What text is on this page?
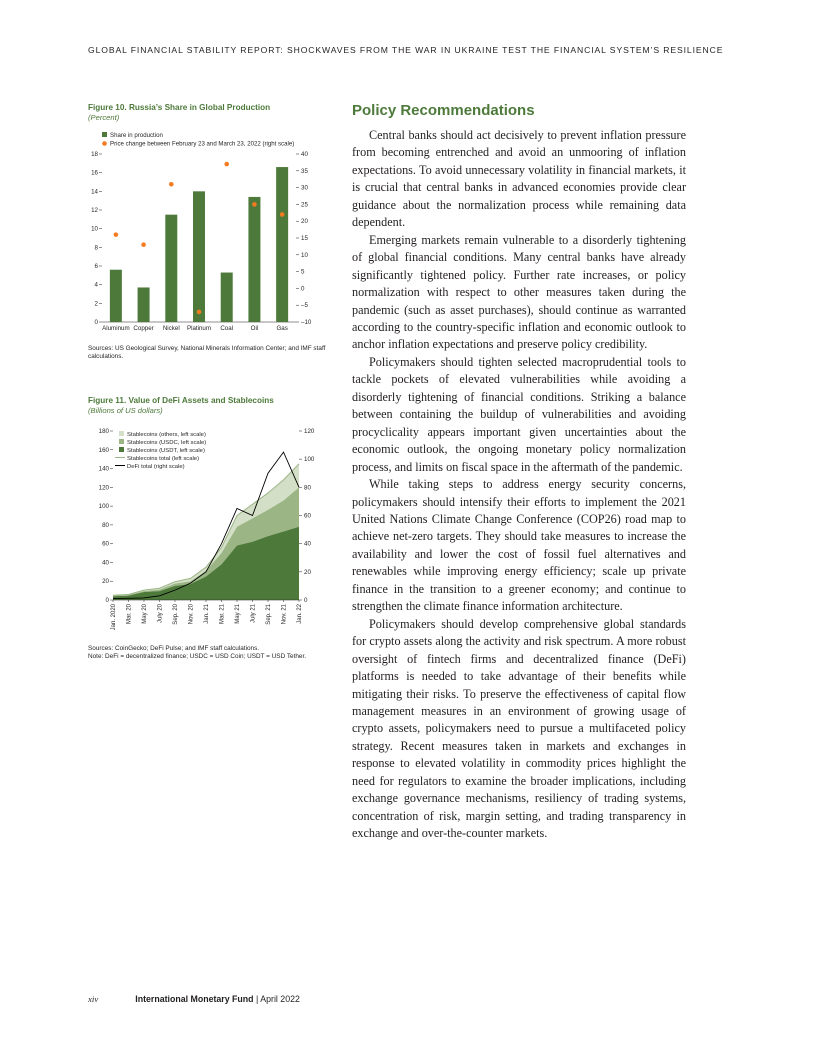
GLOBAL FINANCIAL STABILITY REPORT: SHOCKWAVES FROM THE WAR IN UKRAINE TEST THE FINANCIAL SYSTEM’S RESILIENCE
Figure 10. Russia’s Share in Global Production
(Percent)
Share in production
Price change between February 23 and March 23, 2022 (right scale)
0
2
4
6
8
10
12
14
16
18
–10
–5
0
5
10
15
20
25
30
35
40
Aluminum Copper Nickel Platinum Coal	Oil	Gas
Sources: US Geological Survey, National Minerals Information Center; and IMF staff calculations.
Figure 11. Value of DeFi Assets and Stablecoins
(Billions of US dollars)
0
20
40
60
80
100
120
140
160
180
0
20
40
60
80
100
120
Jan. 2020 Mar. 20 May 20 July 20 Sep. 20 Nov. 20 Jan. 21 Mar. 21 May 21 July 21 Sep. 21 Nov. 21 Jan. 22
Stablecoins (others, left scale)
Stablecoins (USDC, left scale)
Stablecoins (USDT, left scale)
Stablecoins total (left scale)
DeFi total (right scale)
Sources: CoinGecko; DeFi Pulse; and IMF staff calculations.
Note: DeFi = decentralized finance; USDC = USD Coin; USDT = USD Tether.
Policy Recommendations

Central banks should act decisively to prevent inflation pressure from becoming entrenched and avoid an unmooring of inflation expectations. To avoid unnecessary volatility in financial markets, it is crucial that central banks in advanced economies provide clear guidance about the normalization process while remaining data dependent.

Emerging markets remain vulnerable to a disorderly tightening of global financial conditions. Many central banks have already significantly tightened policy. Further rate increases, or policy normalization with respect to other measures taken during the pandemic (such as asset purchases), should continue as warranted according to the country-specific inflation and economic outlook to anchor inflation expectations and preserve policy credibility.

Policymakers should tighten selected macroprudential tools to tackle pockets of elevated vulnerabilities while avoiding a disorderly tightening of financial conditions. Striking a balance between containing the buildup of vulnerabilities and avoiding procyclicality appears important given uncertainties about the economic outlook, the ongoing monetary policy normalization process, and limits on fiscal space in the aftermath of the pandemic.

While taking steps to address energy security concerns, policymakers should intensify their efforts to implement the 2021 United Nations Climate Change Conference (COP26) road map to achieve net-zero targets. They should take measures to increase the availability and lower the cost of fossil fuel alternatives and renewables while improving energy efficiency; scale up private finance in the transition to a greener economy; and continue to strengthen the climate finance information architecture.

Policymakers should develop comprehensive global standards for crypto assets along the activity and risk spectrum. A more robust oversight of fintech firms and decentralized finance (DeFi) platforms is needed to take advantage of their benefits while mitigating their risks. To preserve the effectiveness of capital flow management measures in an environment of growing usage of crypto assets, policymakers need to pursue a multifaceted policy strategy. Recent measures taken in markets and exchanges in response to elevated volatility in commodity prices highlight the need for regulators to examine the broader implications, including exchange governance mechanisms, resiliency of trading systems, concentration of risk, margin setting, and trading transparency in exchange and over-the-counter markets.

xiv	International Monetary Fund | April 2022
